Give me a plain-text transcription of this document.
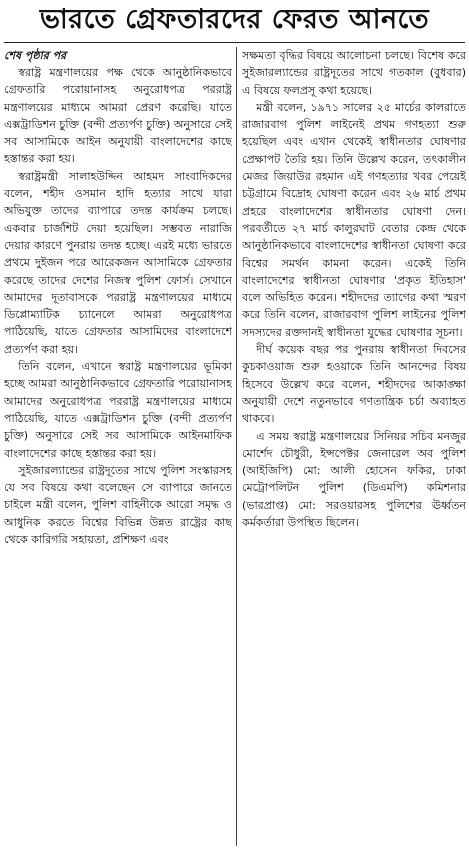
ভারতে গ্রেফতারদের ফেরত আনতে
শেষ পৃষ্ঠার পর

স্বরাষ্ট্র মন্ত্রণালয়ের পক্ষ থেকে আনুষ্ঠানিকভাবে গ্রেফতারি পরোয়ানাসহ অনুরোধপত্র পররাষ্ট্র মন্ত্রণালয়ের মাধ্যমে আমরা প্রেরণ করেছি। যাতে এক্সট্রাডিশন চুক্তি (বন্দী প্রত্যর্পণ চুক্তি) অনুসারে সেই সব আসামিকে আইন অনুযায়ী বাংলাদেশের কাছে হস্তান্তর করা হয়।

স্বরাষ্ট্রমন্ত্রী সালাহউদ্দিন আহমদ সাংবাদিকদের বলেন, শহীদ ওসমান হাদি হত্যার সাথে যারা অভিযুক্ত তাদের ব্যাপারে তদন্ত কার্যক্রম চলছে। একবার চার্জশিট দেয়া হয়েছিল। সম্ভবত নারাজি দেয়ার কারণে পুনরায় তদন্ত হচ্ছে। এরই মধ্যে ভারতে প্রথমে দুইজন পরে আরেকজন আসামিকে গ্রেফতার করেছে তাদের দেশের নিজস্ব পুলিশ ফোর্স। সেখানে আমাদের দূতাবাসকে পররাষ্ট্র মন্ত্রণালয়ের মাধ্যমে ডিপ্লোম্যাটিক চ্যানেলে আমরা অনুরোধপত্র পাঠিয়েছি, যাতে গ্রেফতার আসামিদের বাংলাদেশে প্রত্যর্পণ করা হয়।

তিনি বলেন, এখানে স্বরাষ্ট্র মন্ত্রণালয়ের ভূমিকা হচ্ছে আমরা আনুষ্ঠানিকভাবে গ্রেফতারি পরোয়ানাসহ আমাদের অনুরোধপত্র পররাষ্ট্র মন্ত্রণালয়ের মাধ্যমে পাঠিয়েছি, যাতে এক্সট্রাডিশন চুক্তি (বন্দী প্রত্যর্পণ চুক্তি) অনুসারে সেই সব আসামিকে আইনমাফিক বাংলাদেশের কাছে হস্তান্তর করা হয়।

সুইজারল্যান্ডের রাষ্ট্রদূতের সাথে পুলিশ সংস্কারসহ যে সব বিষয়ে কথা বলেছেন সে ব্যাপারে জানতে চাইলে মন্ত্রী বলেন, পুলিশ বাহিনীকে আরো সমৃদ্ধ ও আধুনিক করতে বিশ্বের বিভিন্ন উন্নত রাষ্ট্রের কাছ থেকে কারিগরি সহায়তা, প্রশিক্ষণ এবং

সক্ষমতা বৃদ্ধির বিষয়ে আলোচনা চলছে। বিশেষ করে সুইজারল্যান্ডের রাষ্ট্রদূতের সাথে গতকাল (বুধবার) এ বিষয়ে ফলপ্রসূ কথা হয়েছে।

মন্ত্রী বলেন, ১৯৭১ সালের ২৫ মার্চের কালরাতে রাজারবাগ পুলিশ লাইনেই প্রথম গণহত্যা শুরু হয়েছিল এবং এখান থেকেই স্বাধীনতার ঘোষণার প্রেক্ষাপট তৈরি হয়। তিনি উল্লেখ করেন, তৎকালীন মেজর জিয়াউর রহমান এই গণহত্যার খবর পেয়েই চট্টগ্রামে বিদ্রোহ ঘোষণা করেন এবং ২৬ মার্চ প্রথম প্রহরে বাংলাদেশের স্বাধীনতার ঘোষণা দেন। পরবর্তীতে ২৭ মার্চ কালুরঘাট বেতার কেন্দ্র থেকে আনুষ্ঠানিকভাবে বাংলাদেশের স্বাধীনতা ঘোষণা করে বিশ্বের সমর্থন কামনা করেন। একেই তিনি বাংলাদেশের স্বাধীনতা ঘোষণার 'প্রকৃত ইতিহাস' বলে অভিহিত করেন। শহীদদের ত্যাগের কথা স্মরণ করে তিনি বলেন, রাজারবাগ পুলিশ লাইনের পুলিশ সদস্যদের রক্তদানই স্বাধীনতা যুদ্ধের ঘোষণার সূচনা।

দীর্ঘ কয়েক বছর পর পুনরায় স্বাধীনতা দিবসের কুচকাওয়াজ শুরু হওয়াকে তিনি আনন্দের বিষয় হিসেবে উল্লেখ করে বলেন, শহীদদের আকাঙ্ক্ষা অনুযায়ী দেশে নতুনভাবে গণতান্ত্রিক চর্চা অব্যাহত থাকবে।

এ সময় স্বরাষ্ট্র মন্ত্রণালয়ের সিনিয়র সচিব মনজুর মোর্শেদ চৌধুরী, ইন্সপেক্টর জেনারেল অব পুলিশ (আইজিপি) মো: আলী হোসেন ফকির, ঢাকা মেট্রোপলিটন পুলিশ (ডিএমপি) কমিশনার (ভারপ্রাপ্ত) মো: সরওয়ারসহ পুলিশের ঊর্ধ্বতন কর্মকর্তারা উপস্থিত ছিলেন।
